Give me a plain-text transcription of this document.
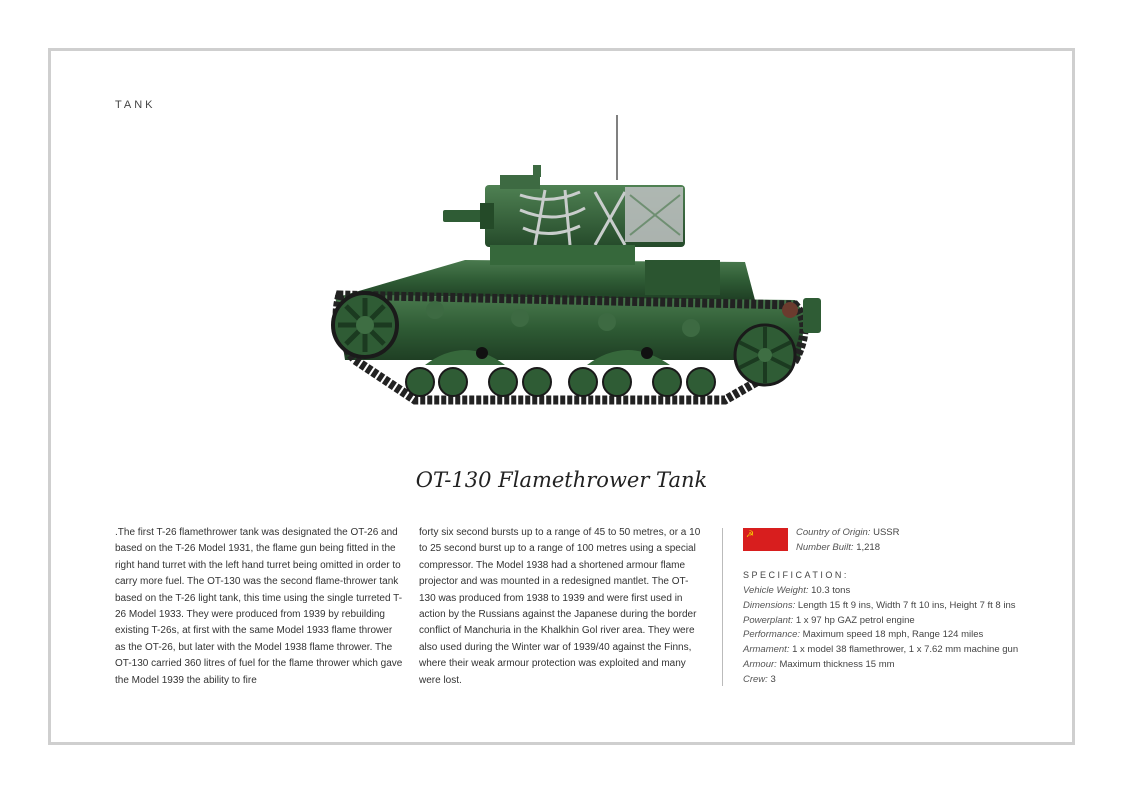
TANK
OT-130 Flamethrower Tank
.The first T-26 flamethrower tank was designated the OT-26 and based on the T-26 Model 1931, the flame gun being fitted in the right hand turret with the left hand turret being omitted in order to carry more fuel. The OT-130 was the second flame-thrower tank based on the T-26 light tank, this time using the single turreted T-26 Model 1933. They were produced from 1939 by rebuilding existing T-26s, at first with the same Model 1933 flame thrower as the OT-26, but later with the Model 1938 flame thrower. The OT-130 carried 360 litres of fuel for the flame thrower which gave the Model 1939 the ability to fire
forty six second bursts up to a range of 45 to 50 metres, or a 10 to 25 second burst up to a range of 100 metres using a special compressor. The Model 1938 had a shortened armour flame projector and was mounted in a redesigned mantlet. The OT-130 was produced from 1938 to 1939 and were first used in action by the Russians against the Japanese during the border conflict of Manchuria in the Khalkhin Gol river area. They were also used during the Winter war of 1939/40 against the Finns, where their weak armour protection was exploited and many were lost.
☭	Country of Origin: USSR
Number Built: 1,218
SPECIFICATION:
Vehicle Weight: 10.3 tons
Dimensions: Length 15 ft 9 ins, Width 7 ft 10 ins, Height 7 ft 8 ins
Powerplant: 1 x 97 hp GAZ petrol engine
Performance: Maximum speed 18 mph, Range 124 miles
Armament: 1 x model 38 flamethrower, 1 x 7.62 mm machine gun
Armour: Maximum thickness 15 mm
Crew: 3
